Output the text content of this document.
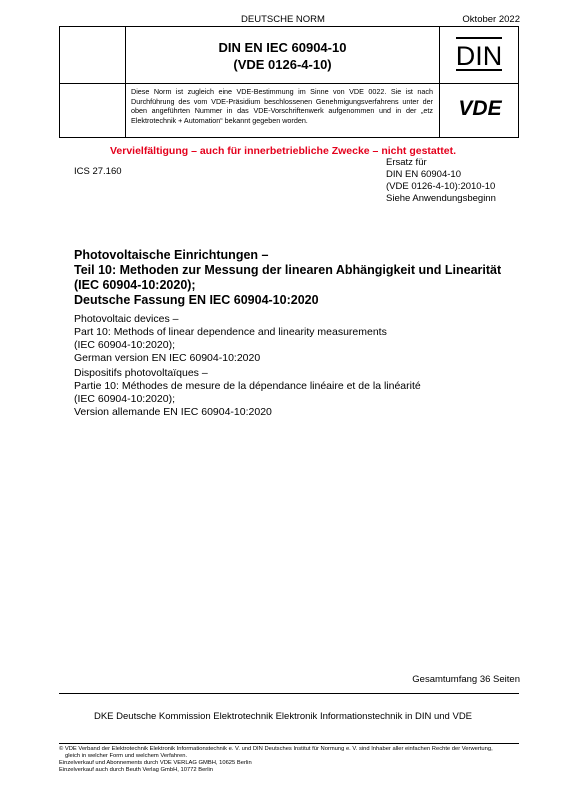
DEUTSCHE NORM	Oktober 2022
DIN EN IEC 60904-10
(VDE 0126-4-10)	DIN
Diese Norm ist zugleich eine VDE-Bestimmung im Sinne von VDE 0022. Sie ist nach Durchführung des vom VDE-Präsidium beschlossenen Genehmigungsverfahrens unter der oben angeführten Nummer in das VDE-Vorschriftenwerk aufgenommen und in der „etz Elektrotechnik + Automation“ bekannt gegeben worden.
VDE
Vervielfältigung – auch für innerbetriebliche Zwecke – nicht gestattet.
ICS 27.160
Ersatz für
DIN EN 60904-10
(VDE 0126-4-10):2010-10
Siehe Anwendungsbeginn
Photovoltaische Einrichtungen –
Teil 10: Methoden zur Messung der linearen Abhängigkeit und Linearität
(IEC 60904-10:2020);
Deutsche Fassung EN IEC 60904-10:2020
Photovoltaic devices –
Part 10: Methods of linear dependence and linearity measurements
(IEC 60904-10:2020);
German version EN IEC 60904-10:2020
Dispositifs photovoltaïques –
Partie 10: Méthodes de mesure de la dépendance linéaire et de la linéarité
(IEC 60904-10:2020);
Version allemande EN IEC 60904-10:2020
Gesamtumfang 36 Seiten
DKE Deutsche Kommission Elektrotechnik Elektronik Informationstechnik in DIN und VDE
© VDE Verband der Elektrotechnik Elektronik Informationstechnik e. V. und DIN Deutsches Institut für Normung e. V. sind Inhaber aller einfachen Rechte der Verwertung,
gleich in welcher Form und welchem Verfahren.
Einzelverkauf und Abonnements durch VDE VERLAG GMBH, 10625 Berlin
Einzelverkauf auch durch Beuth Verlag GmbH, 10772 Berlin
